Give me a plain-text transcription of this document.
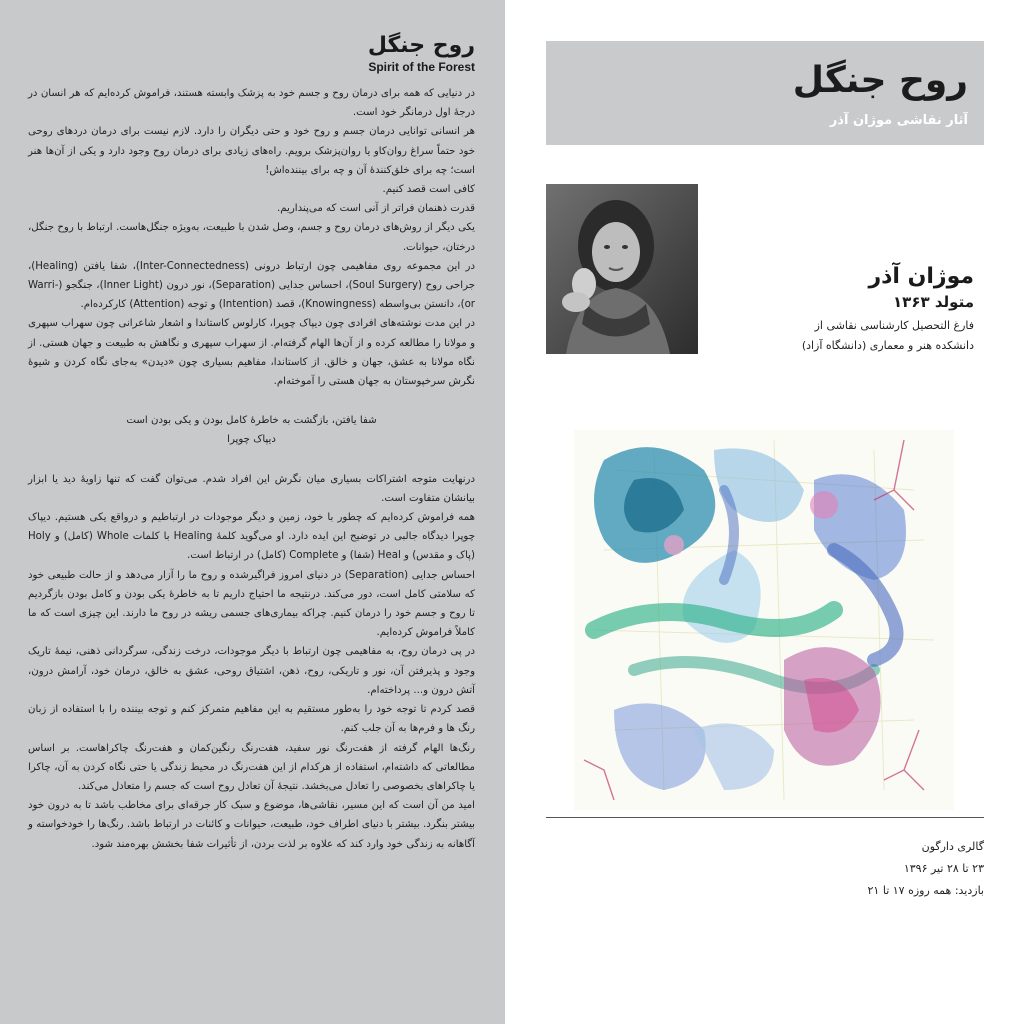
روح جنگل
Spirit of the Forest

در دنیایی که همه برای درمان روح و جسم خود به پزشک وابسته هستند، فراموش کرده‌ایم که هر انسان در درجهٔ اول درمانگر خود است.

هر انسانی توانایی درمان جسم و روح خود و حتی دیگران را دارد. لازم نیست برای درمان دردهای روحی خود حتماً سراغ روان‌کاو یا روان‌پزشک برویم. راه‌های زیادی برای درمان روح وجود دارد و یکی از آن‌ها هنر است؛ چه برای خلق‌کنندهٔ آن و چه برای بیننده‌اش!

کافی است قصد کنیم.

قدرت ذهنمان فراتر از آنی است که می‌پنداریم.

یکی دیگر از روش‌های درمان روح و جسم، وصل شدن با طبیعت، به‌ویژه جنگل‌هاست. ارتباط با روح جنگل، درختان، حیوانات.

در این مجموعه روی مفاهیمی چون ارتباط درونی (Inter-Connectedness)، شفا یافتن (Healing)، جراحی روح (Soul Surgery)، احساس جدایی (Separation)، نور درون (Inner Light)، جنگجو (Warri-or)، دانستن بی‌واسطه (Knowingness)، قصد (Intention) و توجه (Attention) کارکرده‌ام.

در این مدت نوشته‌های افرادی چون دیپاک چوپرا، کارلوس کاستاندا و اشعار شاعرانی چون سهراب سپهری و مولانا را مطالعه کرده و از آن‌ها الهام گرفته‌ام. از سهراب سپهری و نگاهش به طبیعت و جهان هستی. از نگاه مولانا به عشق، جهان و خالق. از کاستاندا، مفاهیم بسیاری چون «دیدن» به‌جای نگاه کردن و شیوهٔ نگرش سرخپوستان به جهان هستی را آموخته‌ام.

شفا یافتن، بازگشت به خاطرهٔ کامل بودن و یکی بودن است
دیپاک چوپرا

درنهایت متوجه اشتراکات بسیاری میان نگرش این افراد شدم. می‌توان گفت که تنها زاویهٔ دید یا ابزار بیانشان متفاوت است.

همه فراموش کرده‌ایم که چطور با خود، زمین و دیگر موجودات در ارتباطیم و درواقع یکی هستیم. دیپاک چوپرا دیدگاه جالبی در توضیح این ایده دارد. او می‌گوید کلمهٔ Healing با کلمات Whole (کامل) و Holy (پاک و مقدس) و Heal (شفا) و Complete (کامل) در ارتباط است.

احساس جدایی (Separation) در دنیای امروز فراگیرشده و روح ما را آزار می‌دهد و از حالت طبیعی خود که سلامتی کامل است، دور می‌کند. درنتیجه ما احتیاج داریم تا به خاطرهٔ یکی بودن و کامل بودن بازگردیم تا روح و جسم خود را درمان کنیم. چراکه بیماری‌های جسمی ریشه در روح ما دارند. این چیزی است که ما کاملاً فراموش کرده‌ایم.

در پی درمان روح، به مفاهیمی چون ارتباط با دیگر موجودات، درخت زندگی، سرگردانی ذهنی، نیمهٔ تاریک وجود و پذیرفتن آن، نور و تاریکی، روح، ذهن، اشتیاق روحی، عشق به خالق، درمان خود، آرامش درون، آتش درون و... پرداخته‌ام.

قصد کردم تا توجه خود را به‌طور مستقیم به این مفاهیم متمرکز کنم و توجه بیننده را با استفاده از زبان رنگ ها و فرم‌ها به آن جلب کنم.

رنگ‌ها الهام گرفته از هفت‌رنگ نور سفید، هفت‌رنگ رنگین‌کمان و هفت‌رنگ چاکراهاست. بر اساس مطالعاتی که داشته‌ام، استفاده از هرکدام از این هفت‌رنگ در محیط زندگی یا حتی نگاه کردن به آن، چاکرا یا چاکراهای بخصوصی را تعادل می‌بخشد. نتیجهٔ آن تعادل روح است که جسم را متعادل می‌کند.

امید من آن است که این مسیر، نقاشی‌ها، موضوع و سبک کار جرقه‌ای برای مخاطب باشد تا به درون خود بیشتر بنگرد. بیشتر با دنیای اطراف خود، طبیعت، حیوانات و کائنات در ارتباط باشد. رنگ‌ها را خودخواسته و آگاهانه به زندگی خود وارد کند که علاوه بر لذت بردن، از تأثیرات شفا بخشش بهره‌مند شود.

روح جنگل
آثار نقاشی موژان آذر
موژان آذر
متولد ۱۳۶۳
فارغ التحصیل کارشناسی نقاشی از
دانشکده هنر و معماری (دانشگاه آزاد)
گالری دارگون
۲۳ تا ۲۸ تیر ۱۳۹۶
بازدید: همه روزه ۱۷ تا ۲۱
